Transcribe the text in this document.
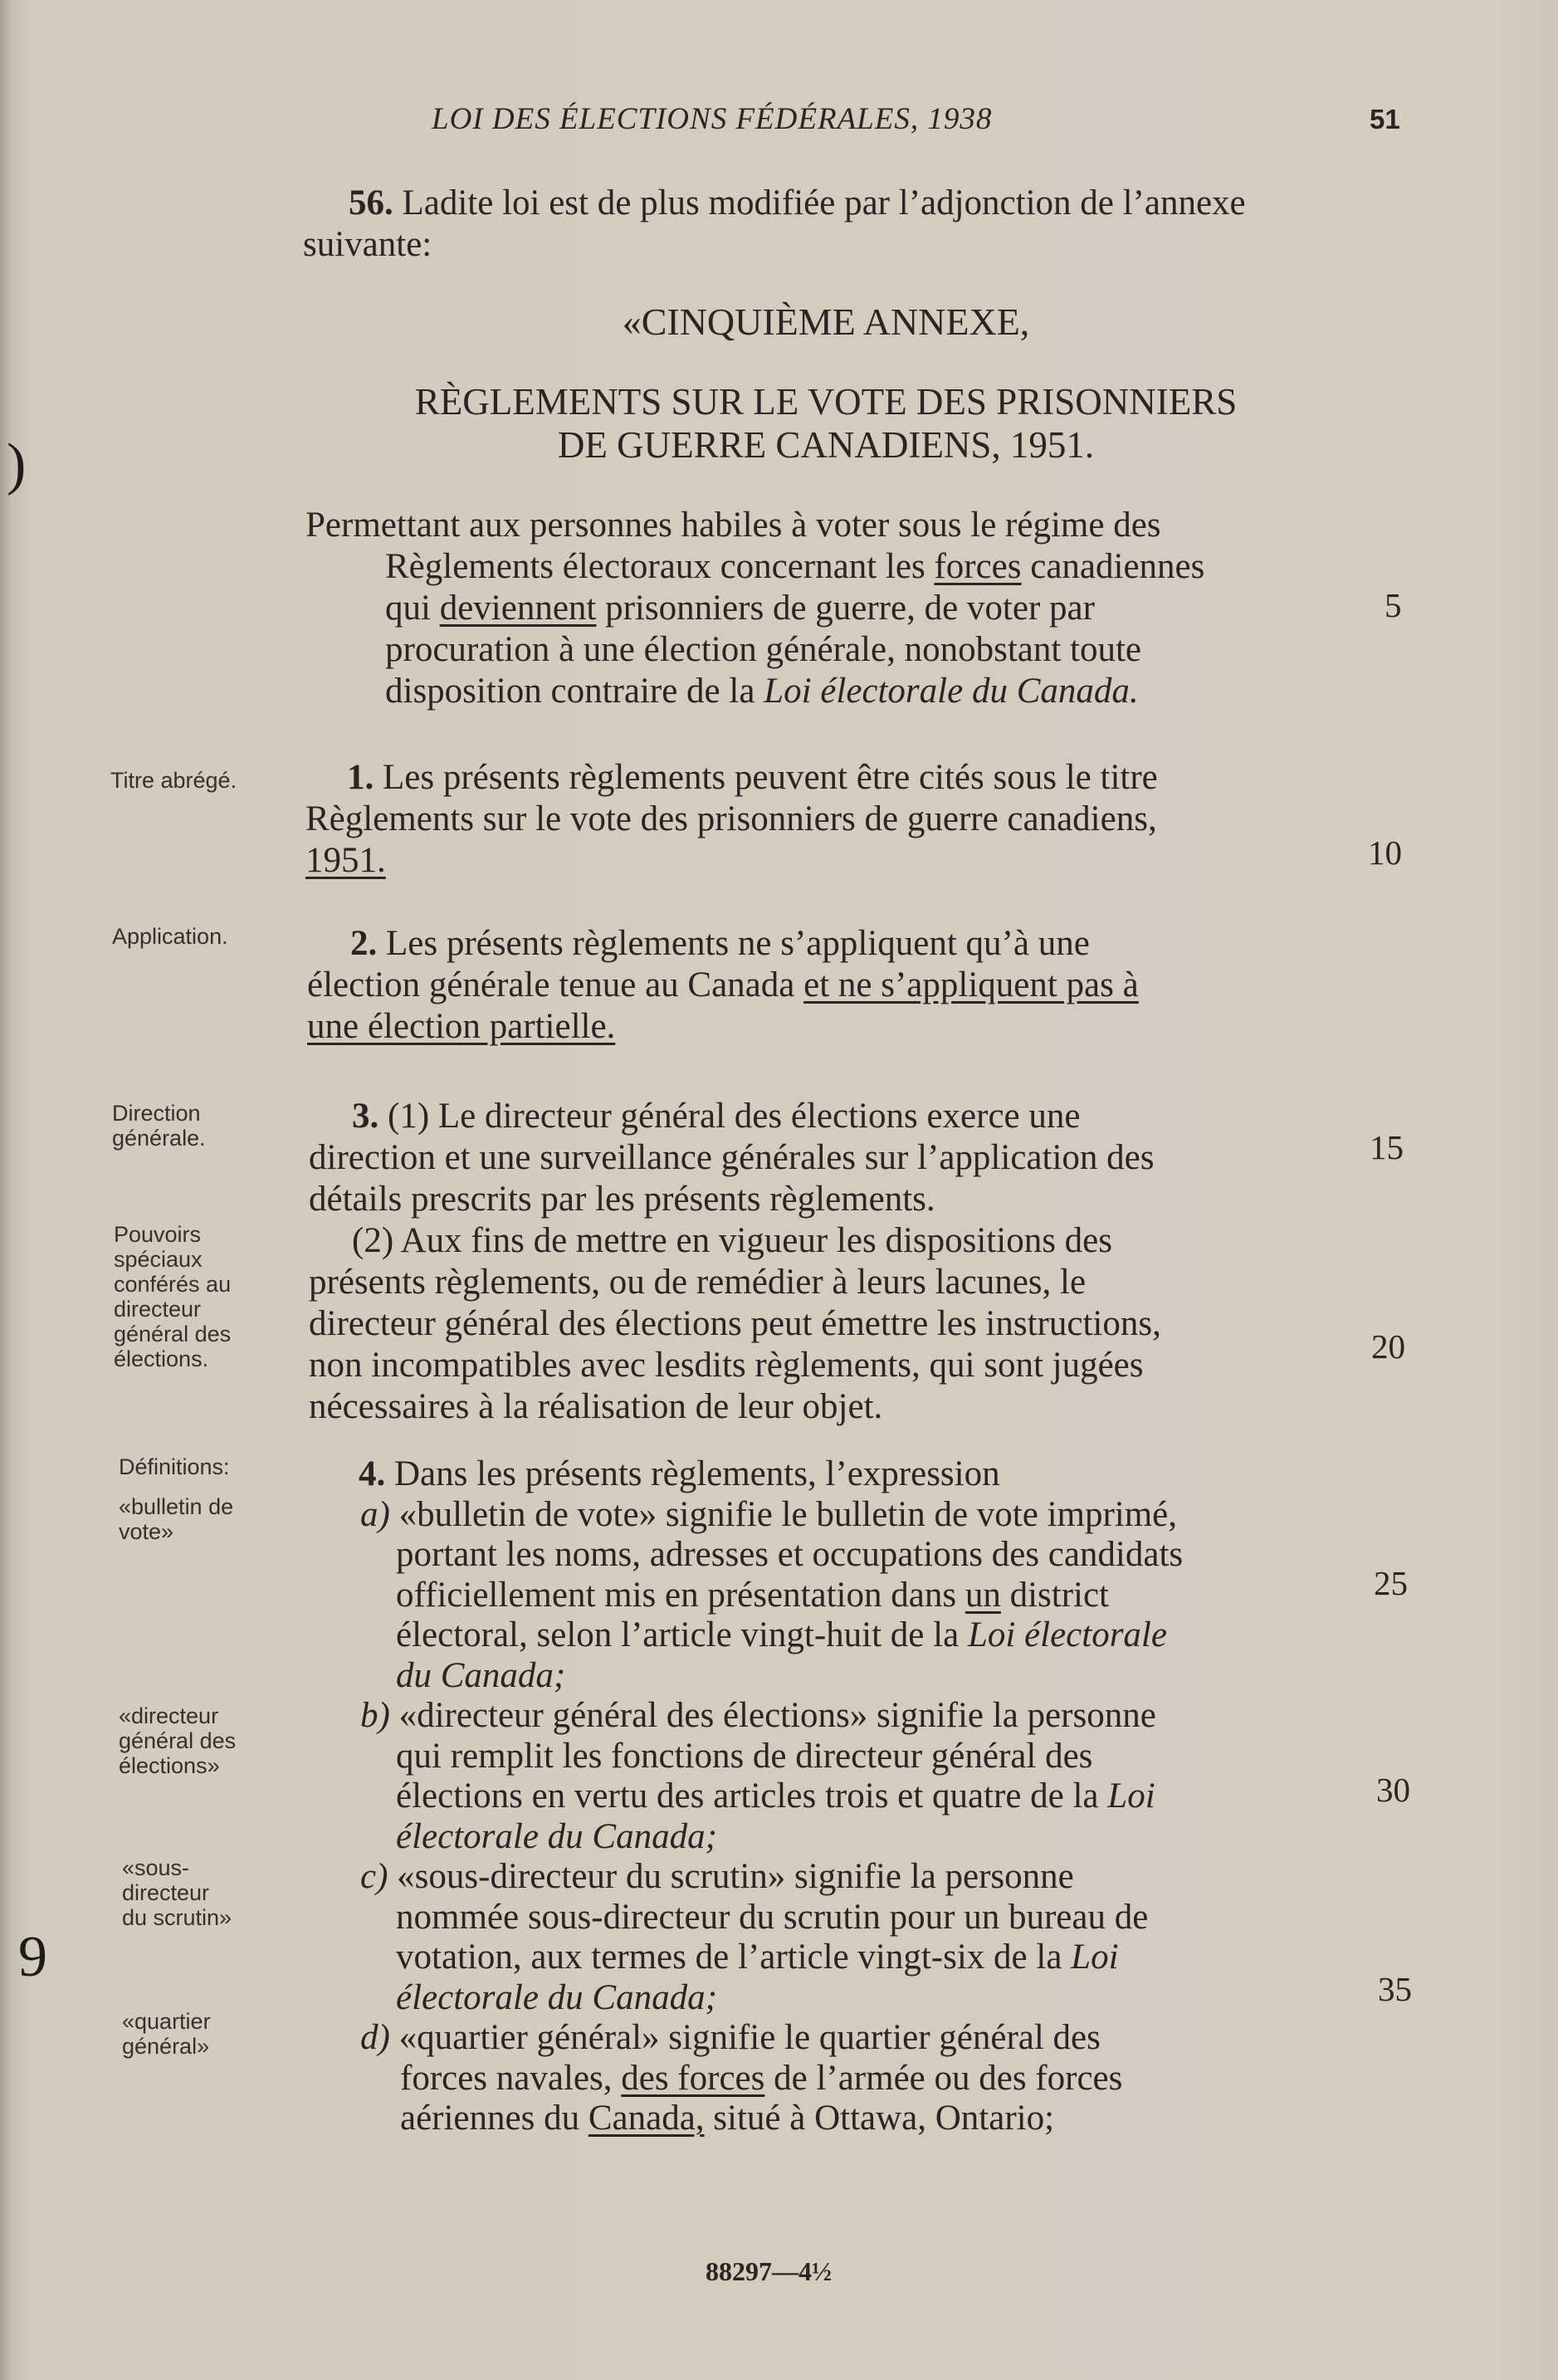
LOI DES ÉLECTIONS FÉDÉRALES, 1938	51
)
9
56. Ladite loi est de plus modifiée par l’adjonction de l’annexe suivante:
«CINQUIÈME ANNEXE,
RÈGLEMENTS SUR LE VOTE DES PRISONNIERS
DE GUERRE CANADIENS, 1951.
Permettant aux personnes habiles à voter sous le régime des
Règlements électoraux concernant les forces canadiennes
qui deviennent prisonniers de guerre, de voter par
procuration à une élection générale, nonobstant toute
disposition contraire de la Loi électorale du Canada.
5
Titre abrégé.	1. Les présents règlements peuvent être cités sous le titre
Règlements sur le vote des prisonniers de guerre canadiens,
1951.	10
Application.	2. Les présents règlements ne s’appliquent qu’à une
élection générale tenue au Canada et ne s’appliquent pas à
une élection partielle.
Direction
générale.
Pouvoirs
spéciaux
conférés au
directeur
général des
élections.
3. (1) Le directeur général des élections exerce une
direction et une surveillance générales sur l’application des
détails prescrits par les présents règlements.
(2) Aux fins de mettre en vigueur les dispositions des
présents règlements, ou de remédier à leurs lacunes, le
directeur général des élections peut émettre les instructions,
non incompatibles avec lesdits règlements, qui sont jugées
nécessaires à la réalisation de leur objet.
15
20
Définitions:
«bulletin de
vote»
«directeur
général des
élections»
«sous-
directeur
du scrutin»
«quartier
général»
4. Dans les présents règlements, l’expression
a) «bulletin de vote» signifie le bulletin de vote imprimé,
portant les noms, adresses et occupations des candidats
officiellement mis en présentation dans un district
électoral, selon l’article vingt-huit de la Loi électorale
du Canada;
b) «directeur général des élections» signifie la personne
qui remplit les fonctions de directeur général des
élections en vertu des articles trois et quatre de la Loi
électorale du Canada;
c) «sous-directeur du scrutin» signifie la personne
nommée sous-directeur du scrutin pour un bureau de
votation, aux termes de l’article vingt-six de la Loi
électorale du Canada;
d) «quartier général» signifie le quartier général des
forces navales, des forces de l’armée ou des forces
aériennes du Canada, situé à Ottawa, Ontario;
25
30
35
88297—4½
